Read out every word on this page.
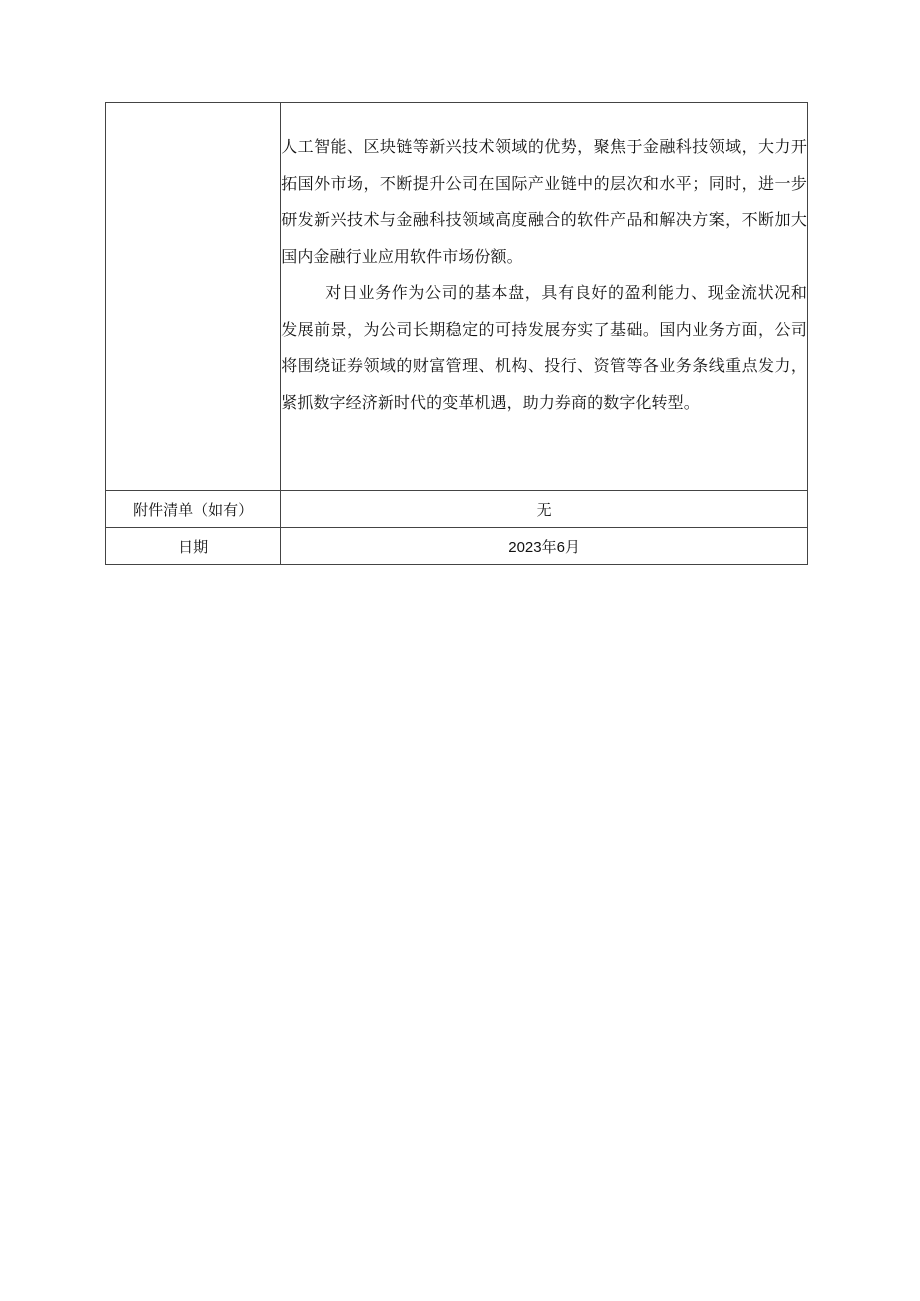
	人工智能、区块链等新兴技术领域的优势，聚焦于金融科技领域，大力开拓国外市场，不断提升公司在国际产业链中的层次和水平；同时，进一步研发新兴技术与金融科技领域高度融合的软件产品和解决方案，不断加大国内金融行业应用软件市场份额。

对日业务作为公司的基本盘，具有良好的盈利能力、现金流状况和发展前景，为公司长期稳定的可持发展夯实了基础。国内业务方面，公司将围绕证券领域的财富管理、机构、投行、资管等各业务条线重点发力，紧抓数字经济新时代的变革机遇，助力券商的数字化转型。

附件清单（如有）	无
日期	2023年6月
